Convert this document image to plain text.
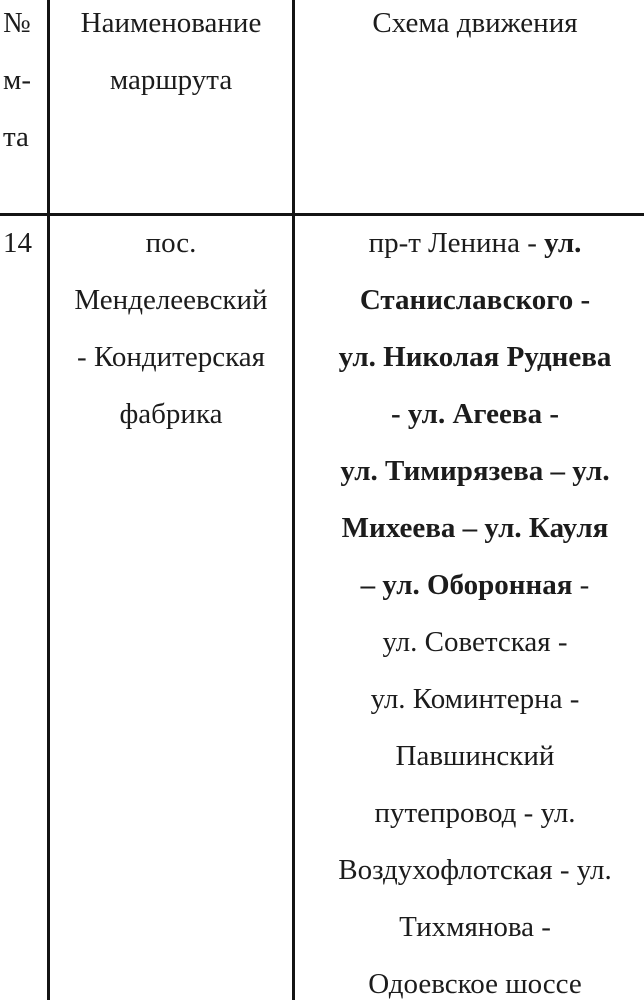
№
м-
та
Наименование
маршрута
Схема движения
14	пос.
Менделеевский
- Кондитерская
фабрика
пр-т Ленина - ул.
Станиславского -
ул. Николая Руднева
- ул. Агеева -
ул. Тимирязева – ул.
Михеева – ул. Кауля
– ул. Оборонная -
ул. Советская -
ул. Коминтерна -
Павшинский
путепровод - ул.
Воздухофлотская - ул.
Тихмянова -
Одоевское шоссе
